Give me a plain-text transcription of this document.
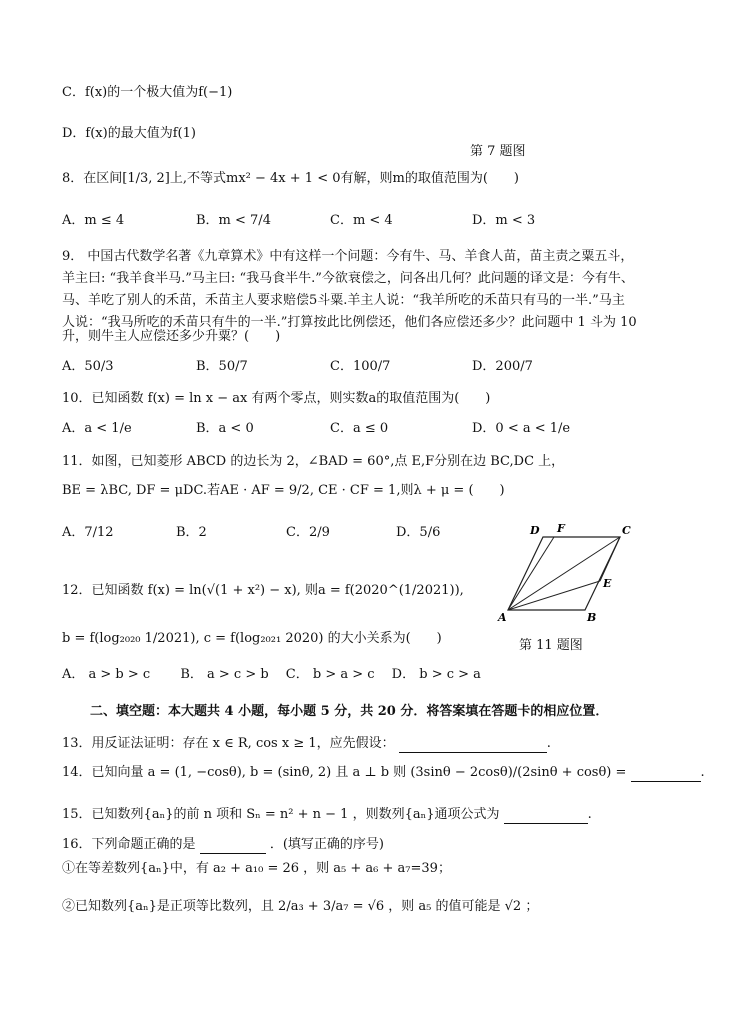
C．f(x)的一个极大值为f(−1)
D．f(x)的最大值为f(1)
第 7 题图
8．在区间[1/3, 2]上,不等式mx² − 4x + 1 < 0有解，则m的取值范围为(　　)
A．m ≤ 4	B．m < 7/4	C．m < 4	D．m < 3
9． 中国古代数学名著《九章算术》中有这样一个问题：今有牛、马、羊食人苗，苗主责之粟五斗，
羊主曰: “我羊食半马.”马主曰: “我马食半牛.”今欲衰偿之，问各出几何？此问题的译文是：今有牛、
马、羊吃了别人的禾苗，禾苗主人要求赔偿5斗粟.羊主人说：“我羊所吃的禾苗只有马的一半.”马主
人说：“我马所吃的禾苗只有牛的一半.”打算按此比例偿还，他们各应偿还多少？此问题中 1 斗为 10
升，则牛主人应偿还多少升粟？(　　)
A．50/3	B．50/7	C．100/7	D．200/7
10．已知函数 f(x) = ln x − ax 有两个零点，则实数a的取值范围为(　　)
A．a < 1/e	B．a < 0	C．a ≤ 0	D．0 < a < 1/e
11．如图，已知菱形 ABCD 的边长为 2，∠BAD = 60°,点 E,F分别在边 BC,DC 上，
BE = λBC, DF = μDC.若AE · AF = 9/2, CE · CF = 1,则λ + μ = (　　)
A．7/12	B．2	C．2/9	D．5/6
A	B
C
D
E
F
第 11 题图
12．已知函数 f(x) = ln(√(1 + x²) − x), 则a = f(2020^(1/2021)),
b = f(log₂₀₂₀ 1/2021), c = f(log₂₀₂₁ 2020) 的大小关系为(　　)
A． a > b > c　　 B． a > c > b　 C． b > a > c　 D． b > c > a
二、填空题：本大题共 4 小题，每小题 5 分，共 20 分．将答案填在答题卡的相应位置．
13．用反证法证明：存在 x ∈ R, cos x ≥ 1，应先假设：	.
14．已知向量 a = (1, −cosθ), b = (sinθ, 2) 且 a ⊥ b 则 (3sinθ − 2cosθ)/(2sinθ + cosθ) =	.
15．已知数列{aₙ}的前 n 项和 Sₙ = n² + n − 1 ，则数列{aₙ}通项公式为	.
16．下列命题正确的是	．(填写正确的序号)
①在等差数列{aₙ}中，有 a₂ + a₁₀ = 26 ，则 a₅ + a₆ + a₇=39；
②已知数列{aₙ}是正项等比数列，且 2/a₃ + 3/a₇ = √6 ，则 a₅ 的值可能是 √2 ；
